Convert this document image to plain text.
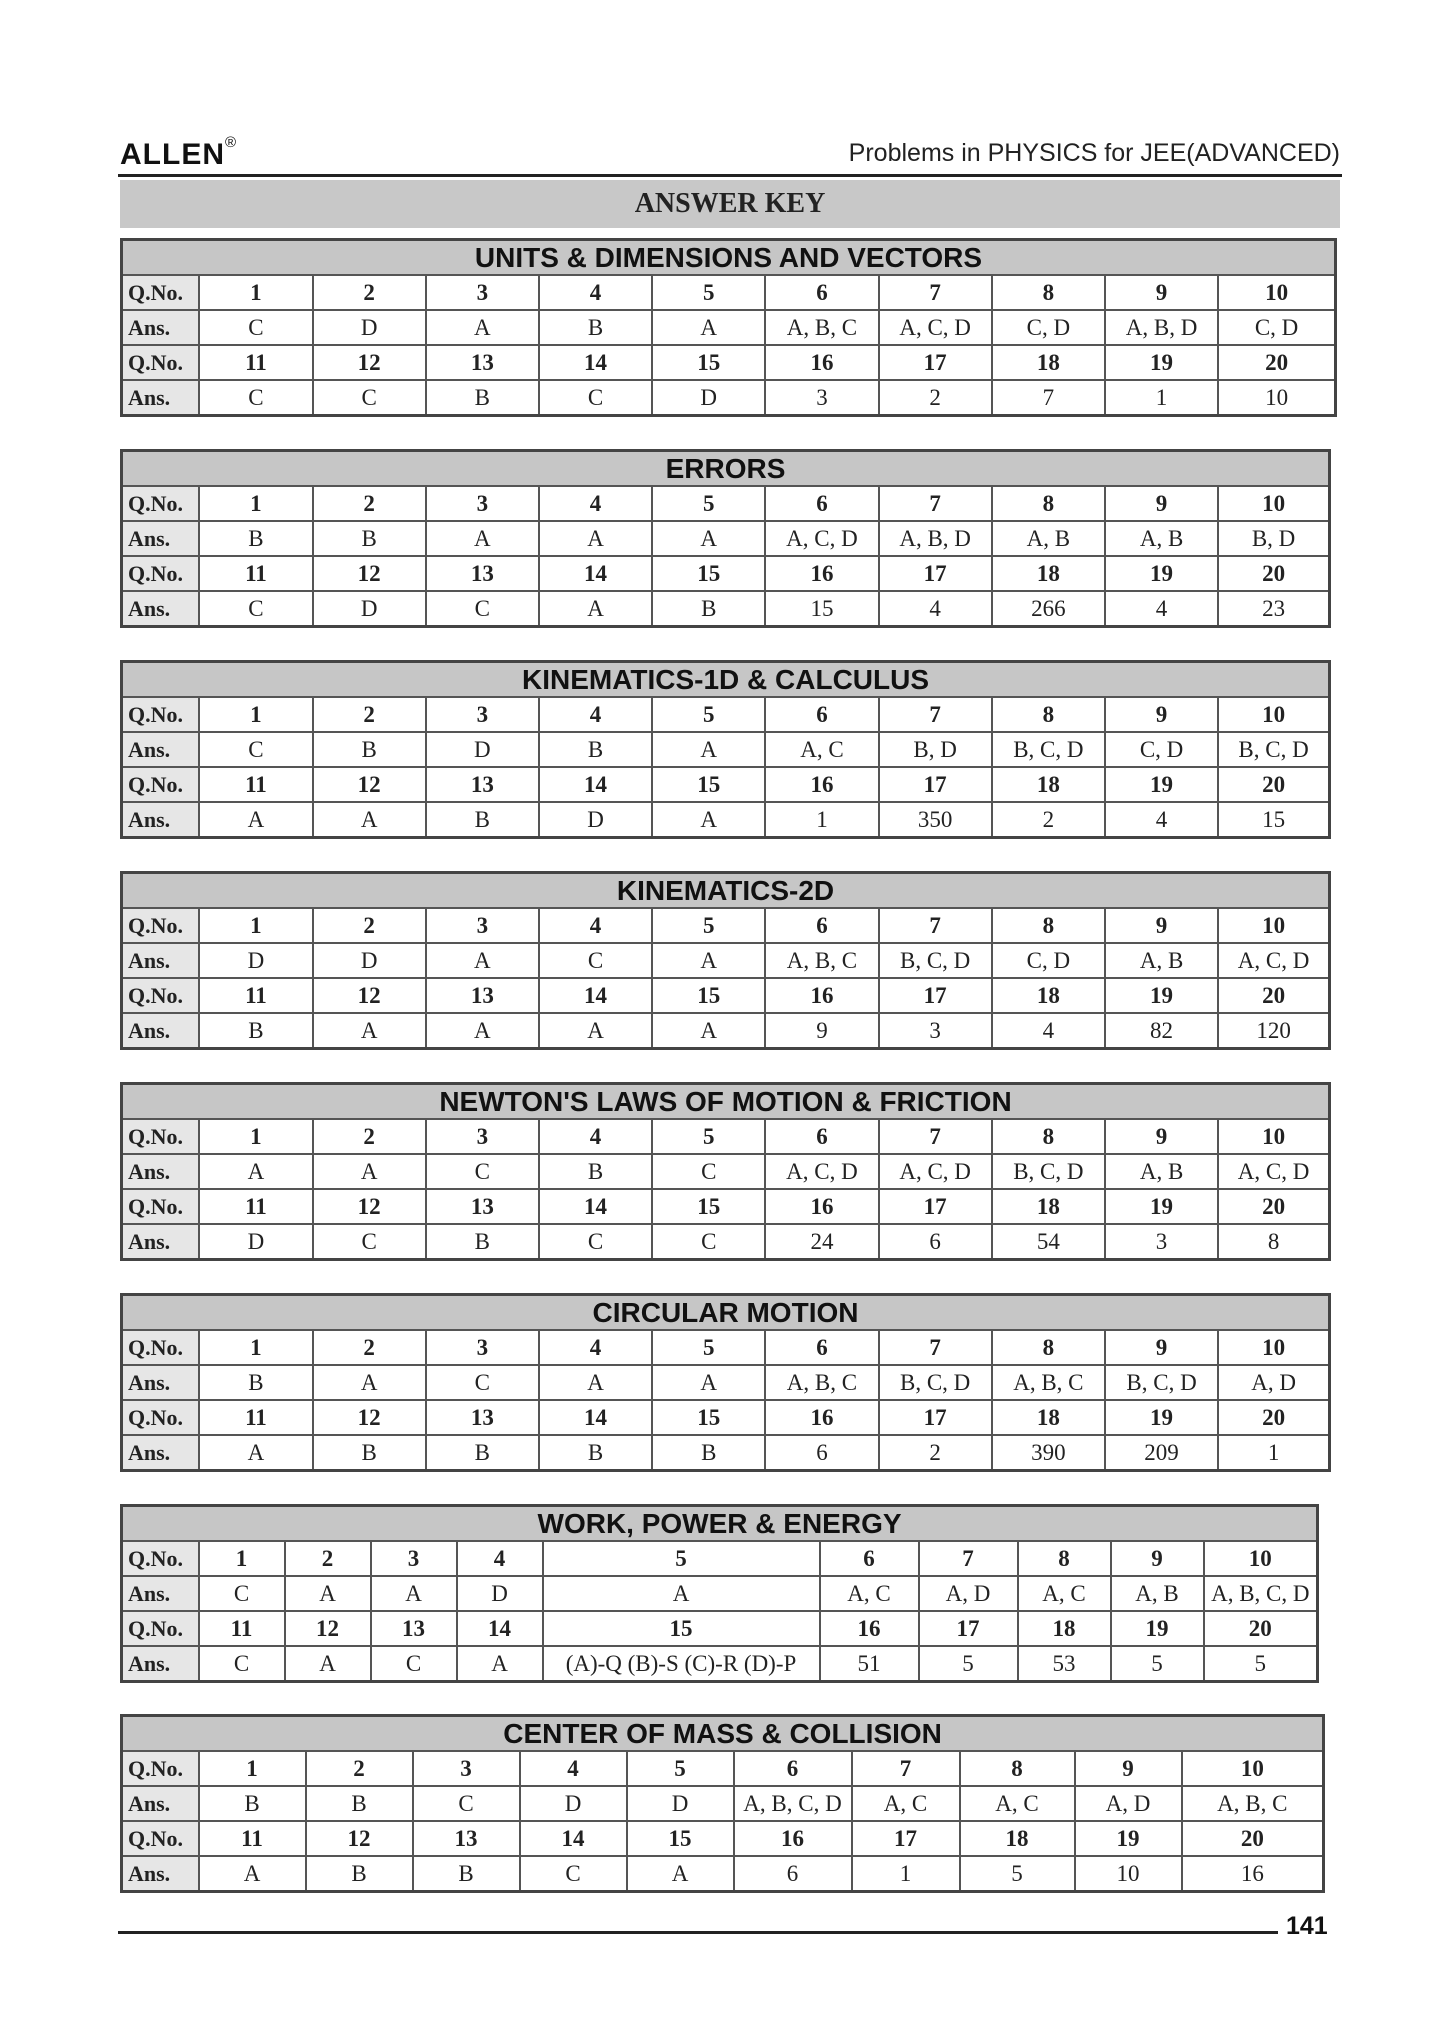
ALLEN®	Problems in PHYSICS for JEE(ADVANCED)
ANSWER KEY
UNITS & DIMENSIONS AND VECTORS										
Q.No.	1	2	3	4	5	6	7	8	9	10
Ans.	C	D	A	B	A	A, B, C	A, C, D	C, D	A, B, D	C, D
Q.No.	11	12	13	14	15	16	17	18	19	20
Ans.	C	C	B	C	D	3	2	7	1	10
ERRORS										
Q.No.	1	2	3	4	5	6	7	8	9	10
Ans.	B	B	A	A	A	A, C, D	A, B, D	A, B	A, B	B, D
Q.No.	11	12	13	14	15	16	17	18	19	20
Ans.	C	D	C	A	B	15	4	266	4	23
KINEMATICS-1D & CALCULUS										
Q.No.	1	2	3	4	5	6	7	8	9	10
Ans.	C	B	D	B	A	A, C	B, D	B, C, D	C, D	B, C, D
Q.No.	11	12	13	14	15	16	17	18	19	20
Ans.	A	A	B	D	A	1	350	2	4	15
KINEMATICS-2D										
Q.No.	1	2	3	4	5	6	7	8	9	10
Ans.	D	D	A	C	A	A, B, C	B, C, D	C, D	A, B	A, C, D
Q.No.	11	12	13	14	15	16	17	18	19	20
Ans.	B	A	A	A	A	9	3	4	82	120
NEWTON'S LAWS OF MOTION & FRICTION										
Q.No.	1	2	3	4	5	6	7	8	9	10
Ans.	A	A	C	B	C	A, C, D	A, C, D	B, C, D	A, B	A, C, D
Q.No.	11	12	13	14	15	16	17	18	19	20
Ans.	D	C	B	C	C	24	6	54	3	8
CIRCULAR MOTION										
Q.No.	1	2	3	4	5	6	7	8	9	10
Ans.	B	A	C	A	A	A, B, C	B, C, D	A, B, C	B, C, D	A, D
Q.No.	11	12	13	14	15	16	17	18	19	20
Ans.	A	B	B	B	B	6	2	390	209	1
WORK, POWER & ENERGY										
Q.No.	1	2	3	4	5	6	7	8	9	10
Ans.	C	A	A	D	A	A, C	A, D	A, C	A, B	A, B, C, D
Q.No.	11	12	13	14	15	16	17	18	19	20
Ans.	C	A	C	A	(A)-Q (B)-S (C)-R (D)-P	51	5	53	5	5
CENTER OF MASS & COLLISION										
Q.No.	1	2	3	4	5	6	7	8	9	10
Ans.	B	B	C	D	D	A, B, C, D	A, C	A, C	A, D	A, B, C
Q.No.	11	12	13	14	15	16	17	18	19	20
Ans.	A	B	B	C	A	6	1	5	10	16
141
